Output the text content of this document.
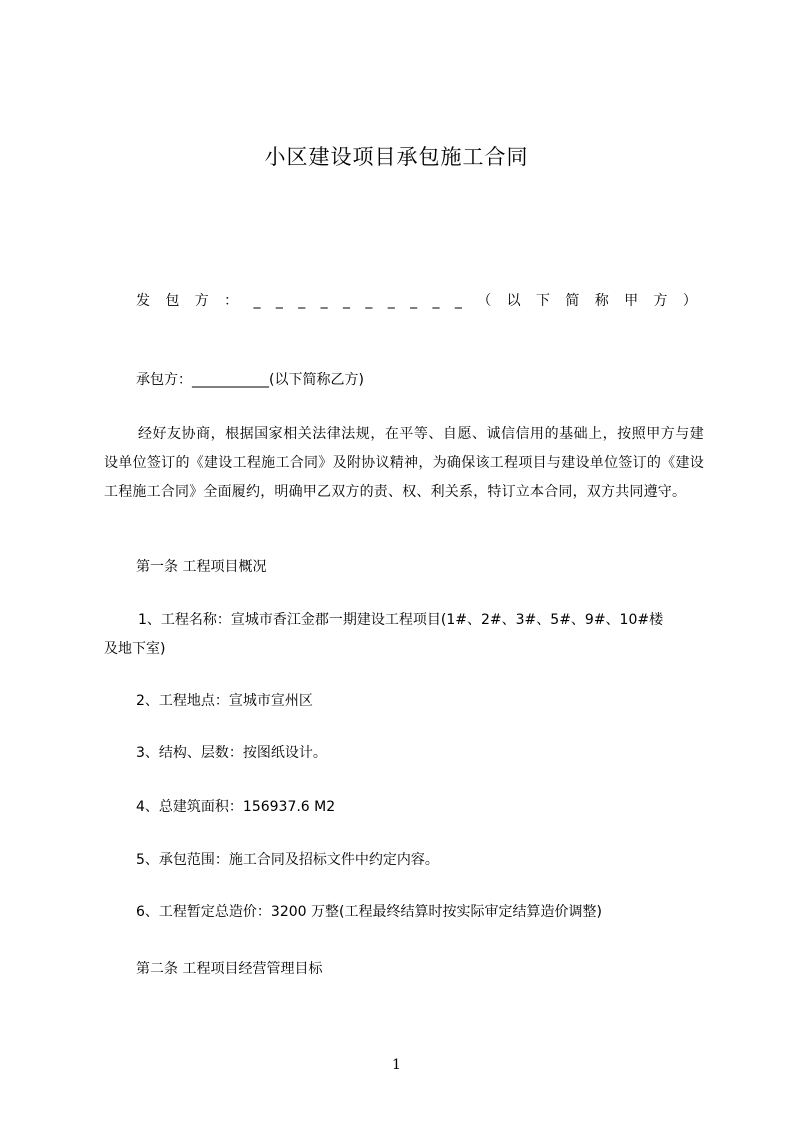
小区建设项目承包施工合同
发 包 方 ： _ _ _ _ _ _ _ _ _ _ （ 以 下 简 称 甲 方 ）

承包方：___________(以下简称乙方)

经好友协商，根据国家相关法律法规，在平等、自愿、诚信信用的基础上，按照甲方与建设单位签订的《建设工程施工合同》及附协议精神，为确保该工程项目与建设单位签订的《建设工程施工合同》全面履约，明确甲乙双方的责、权、利关系，特订立本合同，双方共同遵守。

第一条 工程项目概况

1、工程名称：宣城市香江金郡一期建设工程项目(1#、2#、3#、5#、9#、10#楼

及地下室)

2、工程地点：宣城市宣州区

3、结构、层数：按图纸设计。

4、总建筑面积：156937.6 M2

5、承包范围：施工合同及招标文件中约定内容。

6、工程暂定总造价：3200 万整(工程最终结算时按实际审定结算造价调整)

第二条 工程项目经营管理目标

1
